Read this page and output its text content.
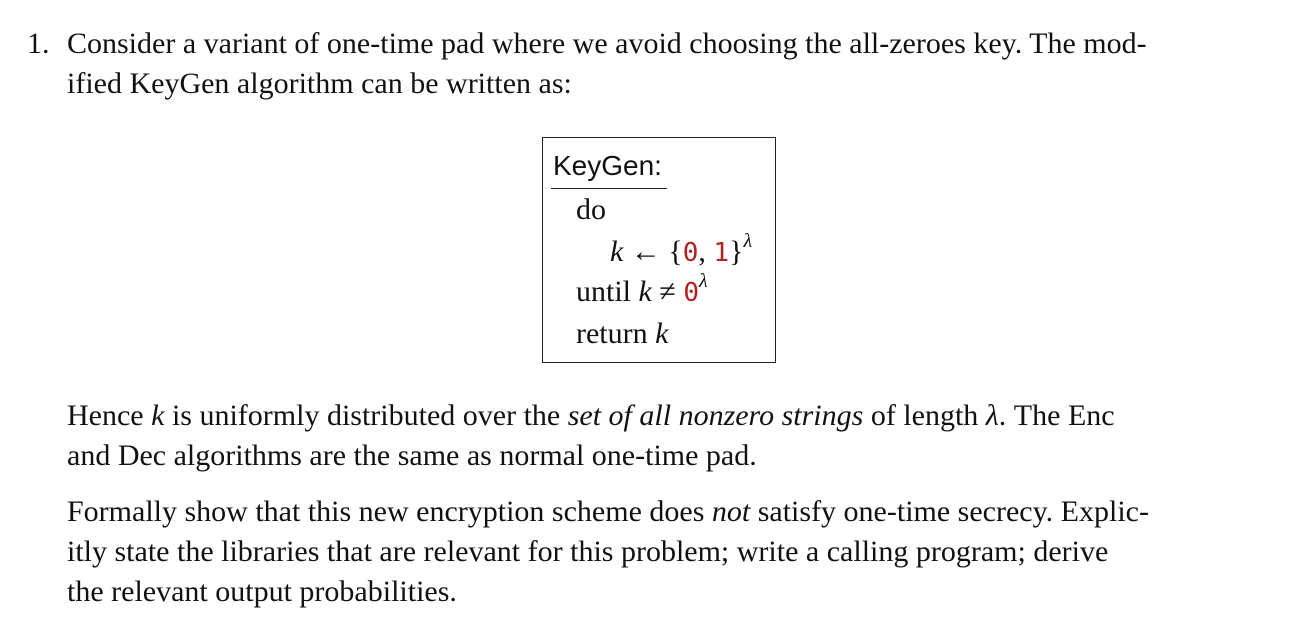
1. Consider a variant of one-time pad where we avoid choosing the all-zeroes key. The mod-
ified KeyGen algorithm can be written as:
KeyGen:
do
k ← {0, 1}$^\lambda$
until $k \ne 0^\lambda$
return k
Hence k is uniformly distributed over the set of all nonzero strings of length λ. The Enc
and Dec algorithms are the same as normal one-time pad.
Formally show that this new encryption scheme does not satisfy one-time secrecy. Explic-
itly state the libraries that are relevant for this problem; write a calling program; derive
the relevant output probabilities.
